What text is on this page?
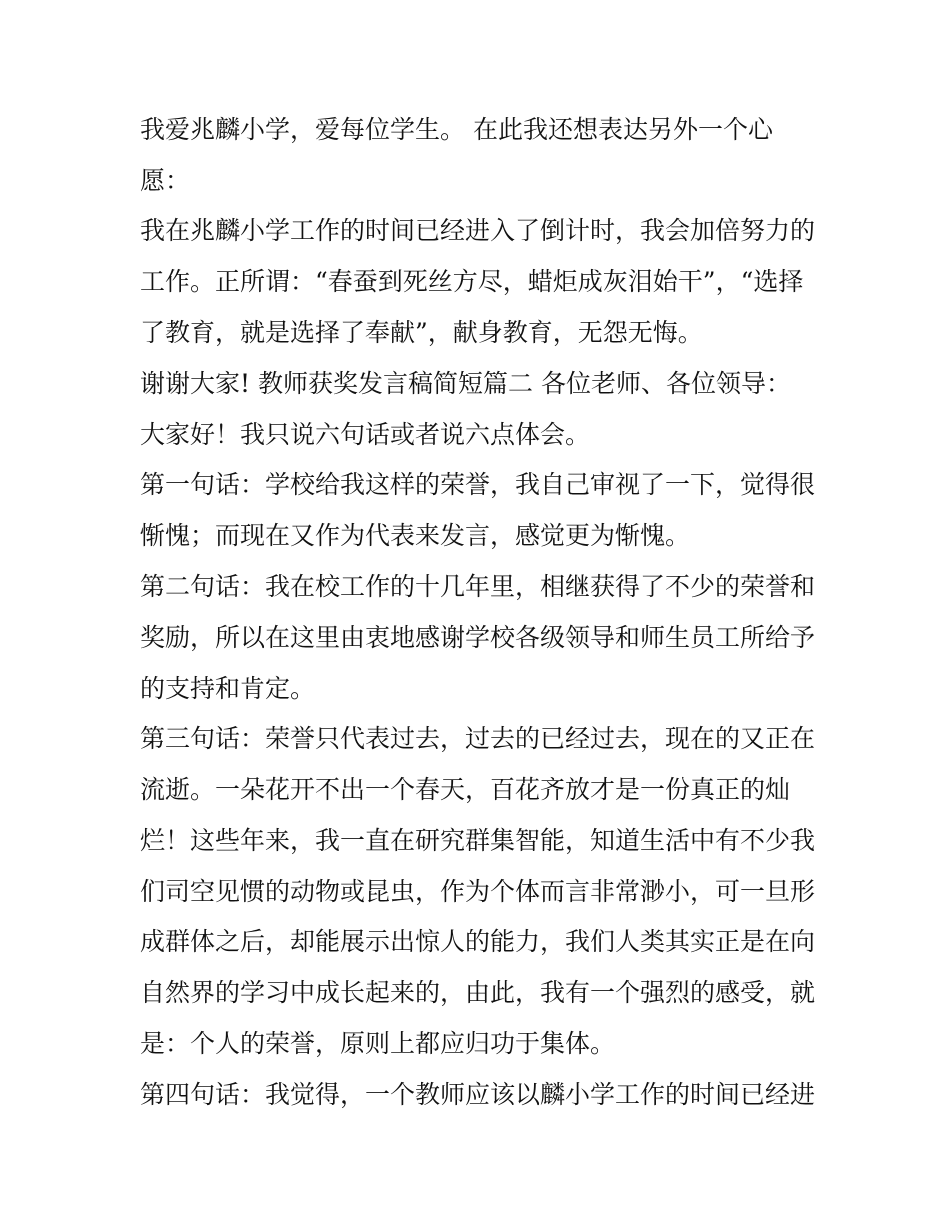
我爱兆麟小学，爱每位学生。 在此我还想表达另外一个心
愿：
我在兆麟小学工作的时间已经进入了倒计时，我会加倍努力的
工作。正所谓：“春蚕到死丝方尽，蜡炬成灰泪始干”，“选择
了教育，就是选择了奉献”，献身教育，无怨无悔。
谢谢大家! 教师获奖发言稿简短篇二 各位老师、各位领导：
大家好！我只说六句话或者说六点体会。
第一句话：学校给我这样的荣誉，我自己审视了一下，觉得很
惭愧；而现在又作为代表来发言，感觉更为惭愧。
第二句话：我在校工作的十几年里，相继获得了不少的荣誉和
奖励，所以在这里由衷地感谢学校各级领导和师生员工所给予
的支持和肯定。
第三句话：荣誉只代表过去，过去的已经过去，现在的又正在
流逝。一朵花开不出一个春天，百花齐放才是一份真正的灿
烂！这些年来，我一直在研究群集智能，知道生活中有不少我
们司空见惯的动物或昆虫，作为个体而言非常渺小，可一旦形
成群体之后，却能展示出惊人的能力，我们人类其实正是在向
自然界的学习中成长起来的，由此，我有一个强烈的感受，就
是：个人的荣誉，原则上都应归功于集体。
第四句话：我觉得，一个教师应该以麟小学工作的时间已经进
